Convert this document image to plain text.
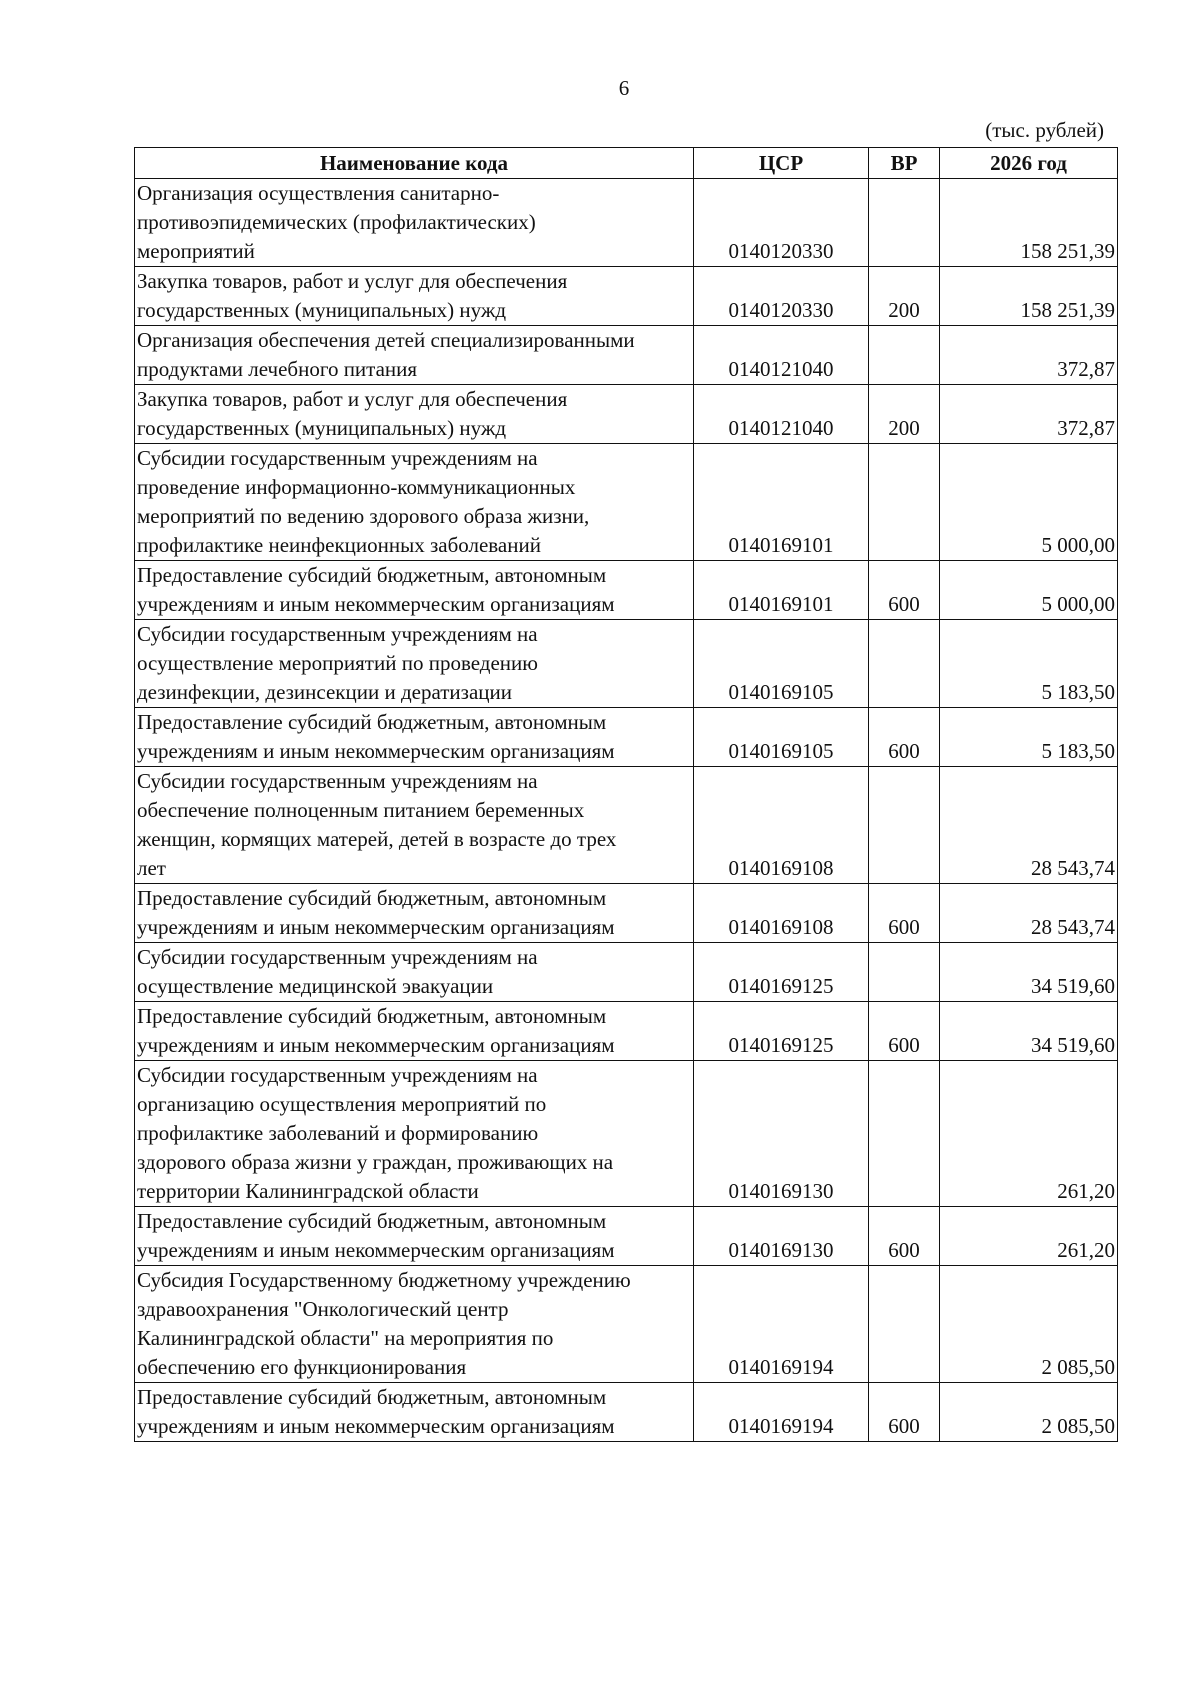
6
(тыс. рублей)
Наименование кода	ЦСР	ВР	2026 год

Организация осуществления санитарно-
противоэпидемических (профилактических)
мероприятий	0140120330		158 251,39

Закупка товаров, работ и услуг для обеспечения
государственных (муниципальных) нужд	0140120330	200	158 251,39

Организация обеспечения детей специализированными
продуктами лечебного питания	0140121040		372,87

Закупка товаров, работ и услуг для обеспечения
государственных (муниципальных) нужд	0140121040	200	372,87

Субсидии государственным учреждениям на
проведение информационно-коммуникационных
мероприятий по ведению здорового образа жизни,
профилактике неинфекционных заболеваний	0140169101		5 000,00

Предоставление субсидий бюджетным, автономным
учреждениям и иным некоммерческим организациям	0140169101	600	5 000,00

Субсидии государственным учреждениям на
осуществление мероприятий по проведению
дезинфекции, дезинсекции и дератизации	0140169105		5 183,50

Предоставление субсидий бюджетным, автономным
учреждениям и иным некоммерческим организациям	0140169105	600	5 183,50

Субсидии государственным учреждениям на
обеспечение полноценным питанием беременных
женщин, кормящих матерей, детей в возрасте до трех
лет	0140169108		28 543,74

Предоставление субсидий бюджетным, автономным
учреждениям и иным некоммерческим организациям	0140169108	600	28 543,74

Субсидии государственным учреждениям на
осуществление медицинской эвакуации	0140169125		34 519,60

Предоставление субсидий бюджетным, автономным
учреждениям и иным некоммерческим организациям	0140169125	600	34 519,60

Субсидии государственным учреждениям на
организацию осуществления мероприятий по
профилактике заболеваний и формированию
здорового образа жизни у граждан, проживающих на
территории Калининградской области	0140169130		261,20

Предоставление субсидий бюджетным, автономным
учреждениям и иным некоммерческим организациям	0140169130	600	261,20

Субсидия Государственному бюджетному учреждению
здравоохранения "Онкологический центр
Калининградской области" на мероприятия по
обеспечению его функционирования	0140169194		2 085,50

Предоставление субсидий бюджетным, автономным
учреждениям и иным некоммерческим организациям	0140169194	600	2 085,50
